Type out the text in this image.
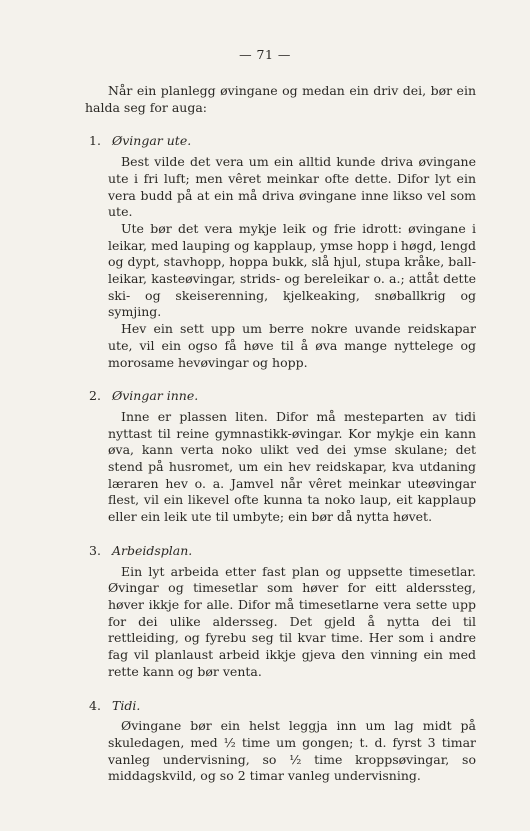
— 71 —

Når ein planlegg øvingane og medan ein driv dei, bør ein halda seg for auga:

1. Øvingar ute.

Best vilde det vera um ein alltid kunde driva øvingane ute i fri luft; men vêret meinkar ofte dette. Difor lyt ein vera budd på at ein må driva øvingane inne likso vel som ute.

Ute bør det vera mykje leik og frie idrott: øvingane i leikar, med lauping og kapplaup, ymse hopp i høgd, lengd og dypt, stavhopp, hoppa bukk, slå hjul, stupa kråke, ball-leikar, kasteøvingar, strids- og bereleikar o. a.; attåt dette ski- og skeiserenning, kjelkeaking, snøballkrig og symjing.

Hev ein sett upp um berre nokre uvande reidskapar ute, vil ein ogso få høve til å øva mange nyttelege og morosame hevøvingar og hopp.

2. Øvingar inne.

Inne er plassen liten. Difor må mesteparten av tidi nyttast til reine gymnastikk-øvingar. Kor mykje ein kann øva, kann verta noko ulikt ved dei ymse skulane; det stend på husromet, um ein hev reidskapar, kva utdaning læraren hev o. a. Jamvel når vêret meinkar uteøvingar flest, vil ein likevel ofte kunna ta noko laup, eit kapplaup eller ein leik ute til umbyte; ein bør då nytta høvet.

3. Arbeidsplan.

Ein lyt arbeida etter fast plan og uppsette timesetlar. Øvingar og timesetlar som høver for eitt alderssteg, høver ikkje for alle. Difor må timesetlarne vera sette upp for dei ulike aldersseg. Det gjeld å nytta dei til rettleiding, og fyrebu seg til kvar time. Her som i andre fag vil planlaust arbeid ikkje gjeva den vinning ein med rette kann og bør venta.

4. Tidi.

Øvingane bør ein helst leggja inn um lag midt på skuledagen, med ½ time um gongen; t. d. fyrst 3 timar vanleg undervisning, so ½ time kroppsøvingar, so middagskvild, og so 2 timar vanleg undervisning.
